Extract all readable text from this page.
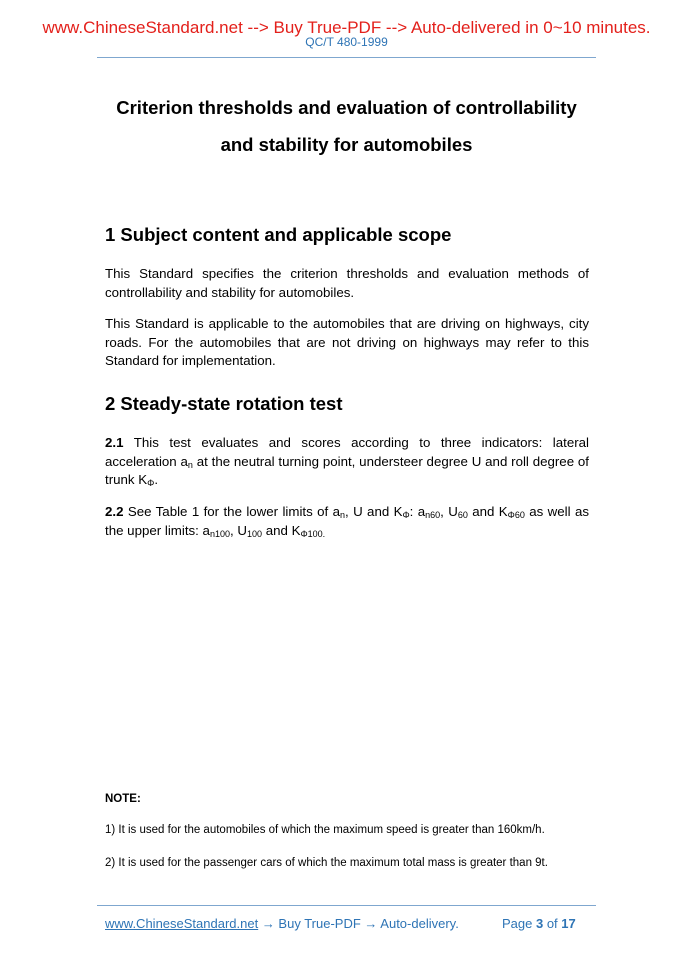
www.ChineseStandard.net --> Buy True-PDF --> Auto-delivered in 0~10 minutes.
QC/T 480-1999
Criterion thresholds and evaluation of controllability
and stability for automobiles
1 Subject content and applicable scope
This Standard specifies the criterion thresholds and evaluation methods of controllability and stability for automobiles.
This Standard is applicable to the automobiles that are driving on highways, city roads. For the automobiles that are not driving on highways may refer to this Standard for implementation.
2 Steady-state rotation test
2.1 This test evaluates and scores according to three indicators: lateral acceleration $a_n$ at the neutral turning point, understeer degree U and roll degree of trunk $K_\Phi$.
2.2 See Table 1 for the lower limits of $a_n$, U and $K_\Phi$: $a_{n60}$, $U_{60}$ and $K_{\Phi 60}$ as well as the upper limits: $a_{n100}$, $U_{100}$ and $K_{\Phi 100.}$
NOTE:
1) It is used for the automobiles of which the maximum speed is greater than 160km/h.
2) It is used for the passenger cars of which the maximum total mass is greater than 9t.
www.ChineseStandard.net → Buy True-PDF → Auto-delivery.	Page 3 of 17
